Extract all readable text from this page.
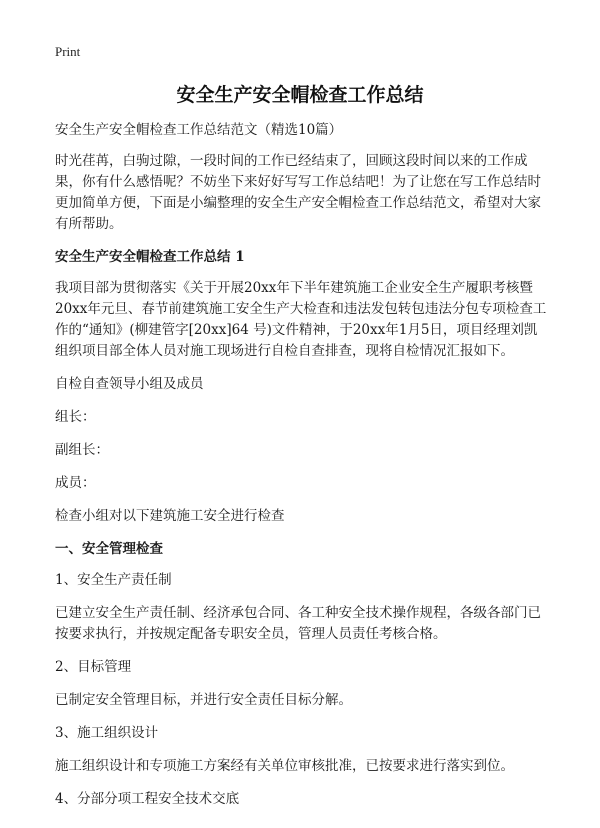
Print
安全生产安全帽检查工作总结

安全生产安全帽检查工作总结范文（精选10篇）

时光荏苒，白驹过隙，一段时间的工作已经结束了，回顾这段时间以来的工作成果，你有什么感悟呢？不妨坐下来好好写写工作总结吧！为了让您在写工作总结时更加简单方便，下面是小编整理的安全生产安全帽检查工作总结范文，希望对大家有所帮助。

安全生产安全帽检查工作总结 1

我项目部为贯彻落实《关于开展20xx年下半年建筑施工企业安全生产履职考核暨20xx年元旦、春节前建筑施工安全生产大检查和违法发包转包违法分包专项检查工作的“通知》(柳建管字[20xx]64 号)文件精神，于20xx年1月5日，项目经理刘凯组织项目部全体人员对施工现场进行自检自查排查，现将自检情况汇报如下。

自检自查领导小组及成员

组长：

副组长：

成员：

检查小组对以下建筑施工安全进行检查

一、安全管理检查

1、安全生产责任制

已建立安全生产责任制、经济承包合同、各工种安全技术操作规程，各级各部门已按要求执行，并按规定配备专职安全员，管理人员责任考核合格。

2、目标管理

已制定安全管理目标，并进行安全责任目标分解。

3、施工组织设计

施工组织设计和专项施工方案经有关单位审核批准，已按要求进行落实到位。

4、分部分项工程安全技术交底
